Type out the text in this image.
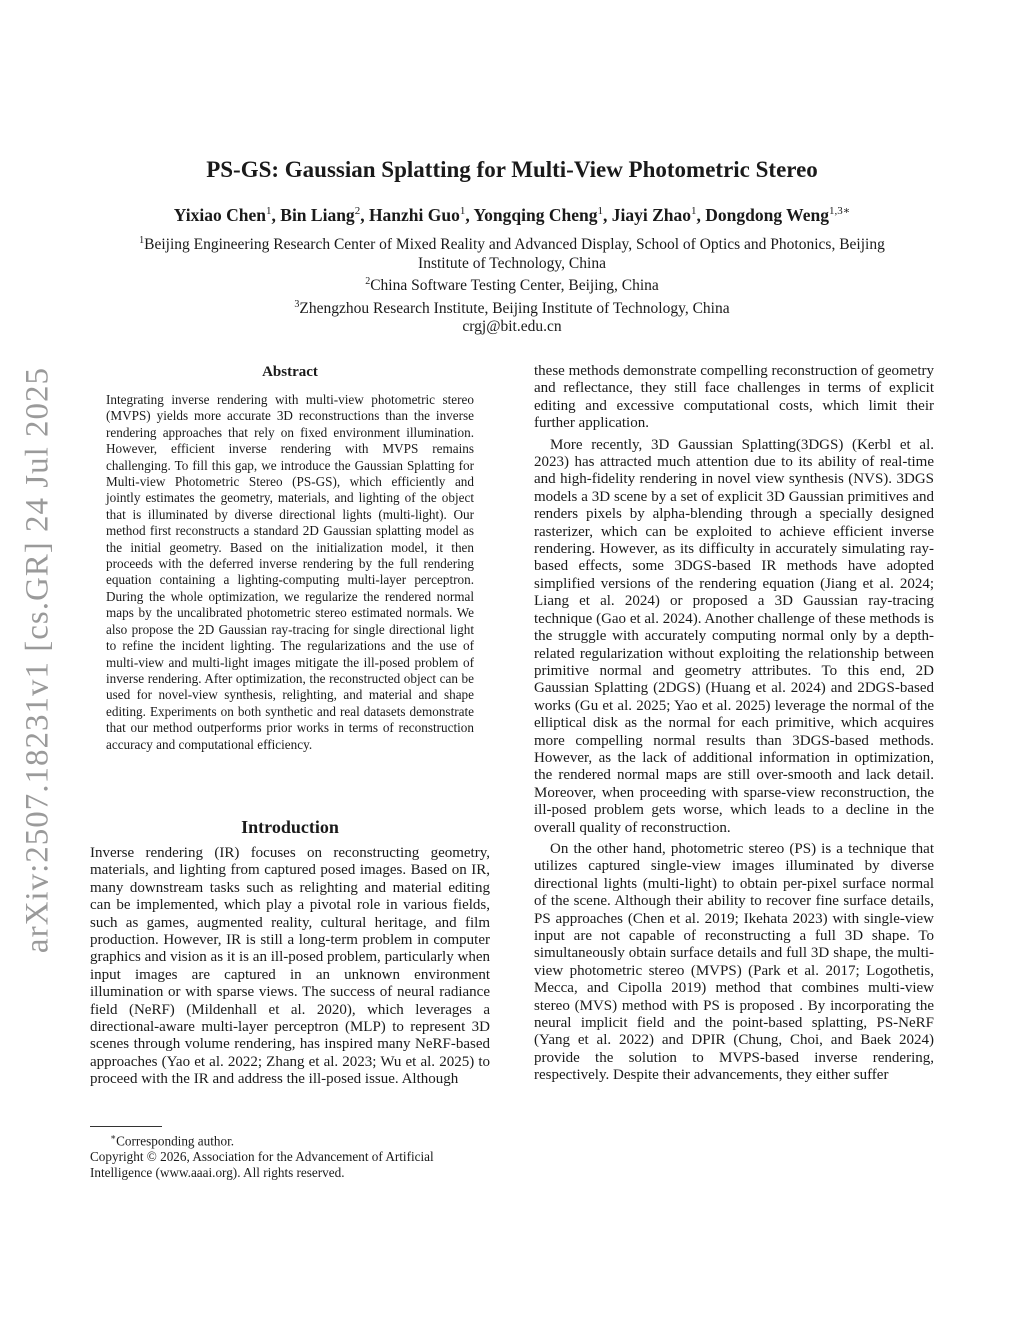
arXiv:2507.18231v1 [cs.GR] 24 Jul 2025
PS-GS: Gaussian Splatting for Multi-View Photometric Stereo
Yixiao Chen$^1$, Bin Liang$^2$, Hanzhi Guo$^1$, Yongqing Cheng$^1$, Jiayi Zhao$^1$, Dongdong Weng$^{1,3∗}$
$^1$Beijing Engineering Research Center of Mixed Reality and Advanced Display, School of Optics and Photonics, Beijing
Institute of Technology, China
$^2$China Software Testing Center, Beijing, China
$^3$Zhengzhou Research Institute, Beijing Institute of Technology, China
crgj@bit.edu.cn
Abstract
Integrating inverse rendering with multi-view photometric stereo (MVPS) yields more accurate 3D reconstructions than the inverse rendering approaches that rely on fixed environment illumination. However, efficient inverse rendering with MVPS remains challenging. To fill this gap, we introduce the Gaussian Splatting for Multi-view Photometric Stereo (PS-GS), which efficiently and jointly estimates the geometry, materials, and lighting of the object that is illuminated by diverse directional lights (multi-light). Our method first reconstructs a standard 2D Gaussian splatting model as the initial geometry. Based on the initialization model, it then proceeds with the deferred inverse rendering by the full rendering equation containing a lighting-computing multi-layer perceptron. During the whole optimization, we regularize the rendered normal maps by the uncalibrated photometric stereo estimated normals. We also propose the 2D Gaussian ray-tracing for single directional light to refine the incident lighting. The regularizations and the use of multi-view and multi-light images mitigate the ill-posed problem of inverse rendering. After optimization, the reconstructed object can be used for novel-view synthesis, relighting, and material and shape editing. Experiments on both synthetic and real datasets demonstrate that our method outperforms prior works in terms of reconstruction accuracy and computational efficiency.
Introduction
Inverse rendering (IR) focuses on reconstructing geometry, materials, and lighting from captured posed images. Based on IR, many downstream tasks such as relighting and material editing can be implemented, which play a pivotal role in various fields, such as games, augmented reality, cultural heritage, and film production. However, IR is still a long-term problem in computer graphics and vision as it is an ill-posed problem, particularly when input images are captured in an unknown environment illumination or with sparse views. The success of neural radiance field (NeRF) (Mildenhall et al. 2020), which leverages a directional-aware multi-layer perceptron (MLP) to represent 3D scenes through volume rendering, has inspired many NeRF-based approaches (Yao et al. 2022; Zhang et al. 2023; Wu et al. 2025) to proceed with the IR and address the ill-posed issue. Although
∗Corresponding author.
Copyright © 2026, Association for the Advancement of Artificial Intelligence (www.aaai.org). All rights reserved.

these methods demonstrate compelling reconstruction of geometry and reflectance, they still face challenges in terms of explicit editing and excessive computational costs, which limit their further application.

More recently, 3D Gaussian Splatting(3DGS) (Kerbl et al. 2023) has attracted much attention due to its ability of real-time and high-fidelity rendering in novel view synthesis (NVS). 3DGS models a 3D scene by a set of explicit 3D Gaussian primitives and renders pixels by alpha-blending through a specially designed rasterizer, which can be exploited to achieve efficient inverse rendering. However, as its difficulty in accurately simulating ray-based effects, some 3DGS-based IR methods have adopted simplified versions of the rendering equation (Jiang et al. 2024; Liang et al. 2024) or proposed a 3D Gaussian ray-tracing technique (Gao et al. 2024). Another challenge of these methods is the struggle with accurately computing normal only by a depth-related regularization without exploiting the relationship between primitive normal and geometry attributes. To this end, 2D Gaussian Splatting (2DGS) (Huang et al. 2024) and 2DGS-based works (Gu et al. 2025; Yao et al. 2025) leverage the normal of the elliptical disk as the normal for each primitive, which acquires more compelling normal results than 3DGS-based methods. However, as the lack of additional information in optimization, the rendered normal maps are still over-smooth and lack detail. Moreover, when proceeding with sparse-view reconstruction, the ill-posed problem gets worse, which leads to a decline in the overall quality of reconstruction.

On the other hand, photometric stereo (PS) is a technique that utilizes captured single-view images illuminated by diverse directional lights (multi-light) to obtain per-pixel surface normal of the scene. Although their ability to recover fine surface details, PS approaches (Chen et al. 2019; Ikehata 2023) with single-view input are not capable of reconstructing a full 3D shape. To simultaneously obtain surface details and full 3D shape, the multi-view photometric stereo (MVPS) (Park et al. 2017; Logothetis, Mecca, and Cipolla 2019) method that combines multi-view stereo (MVS) method with PS is proposed . By incorporating the neural implicit field and the point-based splatting, PS-NeRF (Yang et al. 2022) and DPIR (Chung, Choi, and Baek 2024) provide the solution to MVPS-based inverse rendering, respectively. Despite their advancements, they either suffer
